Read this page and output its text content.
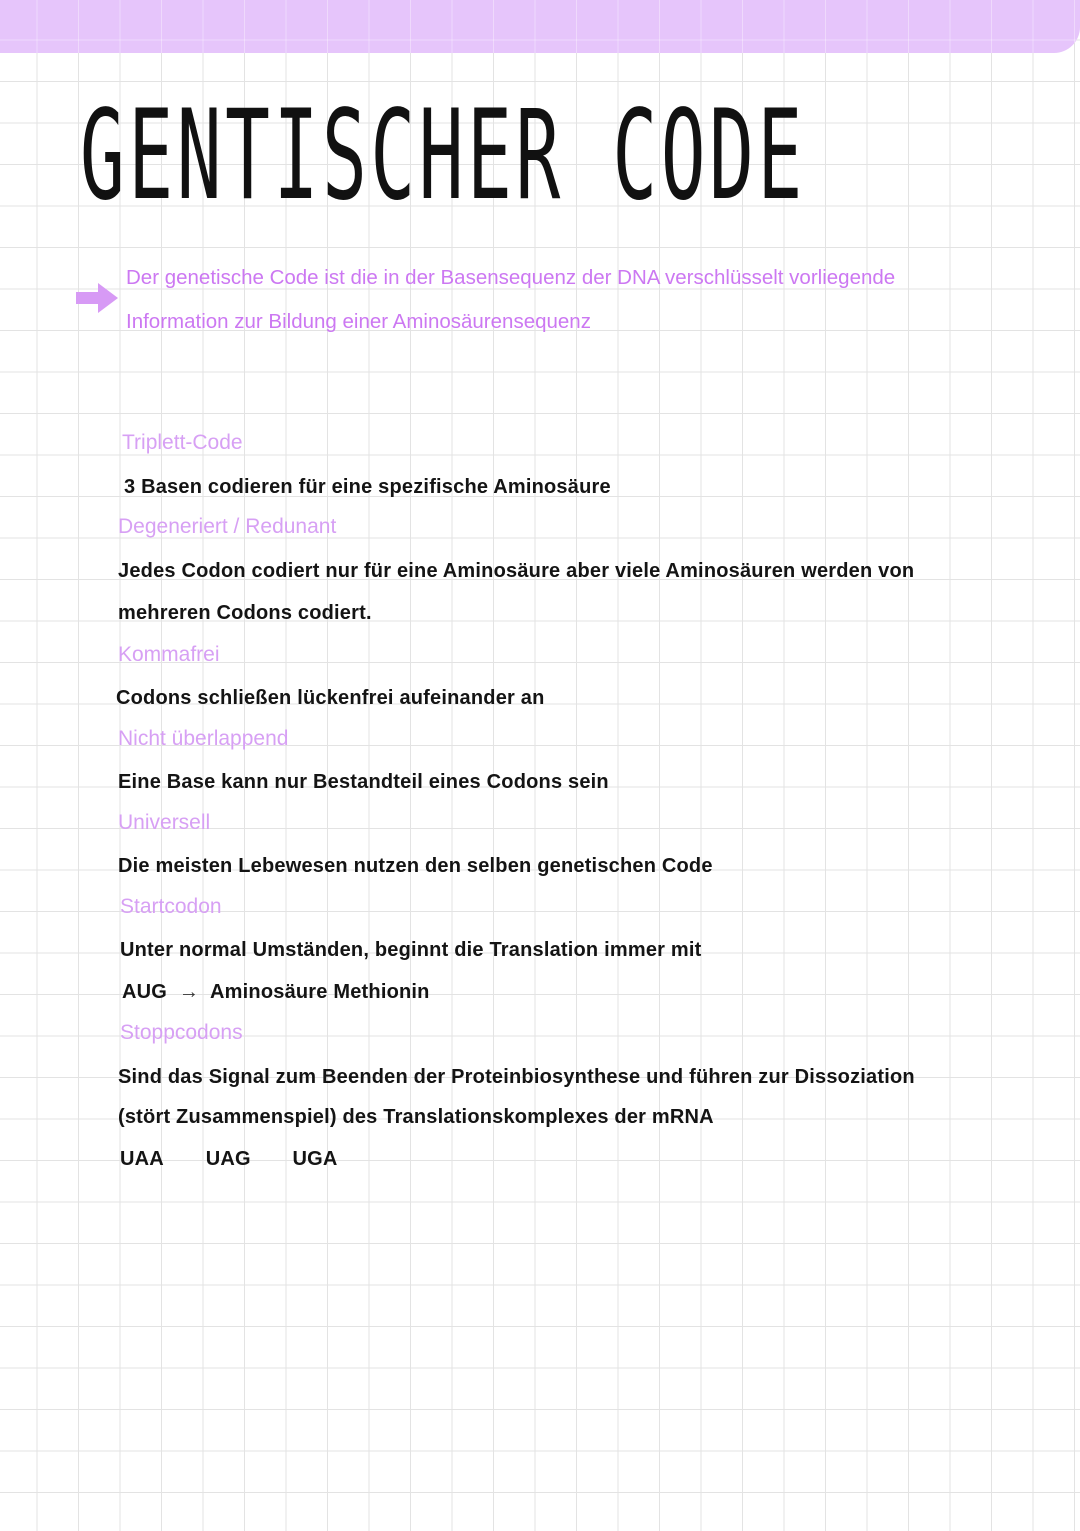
GENTISCHER CODE
Der genetische Code ist die in der Basensequenz der DNA verschlüsselt vorliegende
Information zur Bildung einer Aminosäurensequenz
Triplett-Code
3 Basen codieren für eine spezifische Aminosäure
Degeneriert / Redunant
Jedes Codon codiert nur für eine Aminosäure aber viele Aminosäuren werden von
mehreren Codons codiert.
Kommafrei
Codons schließen lückenfrei aufeinander an
Nicht überlappend
Eine Base kann nur Bestandteil eines Codons sein
Universell
Die meisten Lebewesen nutzen den selben genetischen Code
Startcodon
Unter normal Umständen, beginnt die Translation immer mit
AUG → Aminosäure Methionin
Stoppcodons
Sind das Signal zum Beenden der Proteinbiosynthese und führen zur Dissoziation
(stört Zusammenspiel) des Translationskomplexes der mRNA
UAA UAG UGA
